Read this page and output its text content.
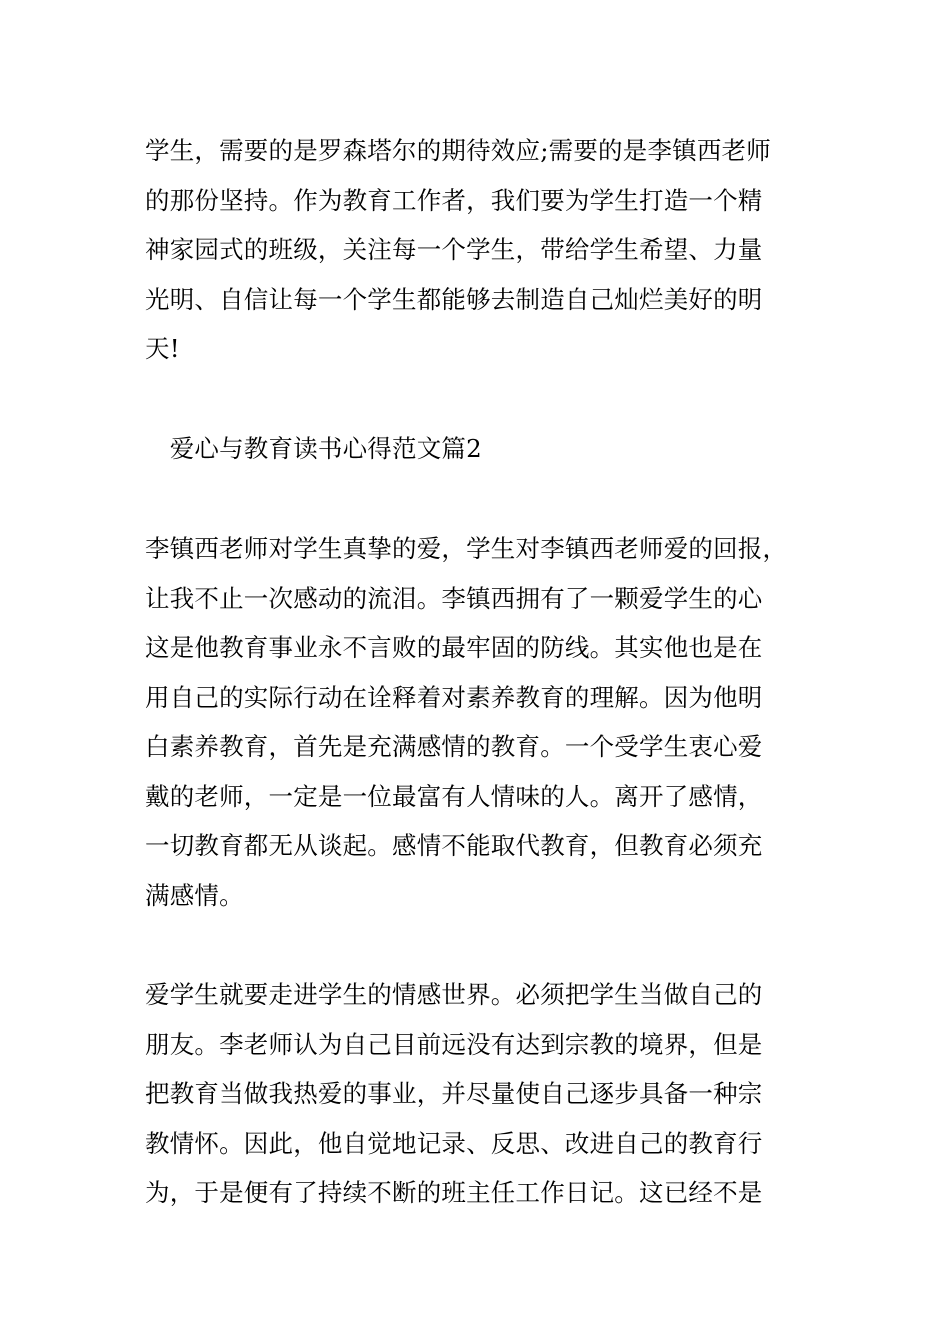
学生，需要的是罗森塔尔的期待效应;需要的是李镇西老师
的那份坚持。作为教育工作者，我们要为学生打造一个精
神家园式的班级，关注每一个学生，带给学生希望、力量
光明、自信让每一个学生都能够去制造自己灿烂美好的明
天!
　爱心与教育读书心得范文篇2
李镇西老师对学生真挚的爱，学生对李镇西老师爱的回报，
让我不止一次感动的流泪。李镇西拥有了一颗爱学生的心
这是他教育事业永不言败的最牢固的防线。其实他也是在
用自己的实际行动在诠释着对素养教育的理解。因为他明
白素养教育，首先是充满感情的教育。一个受学生衷心爱
戴的老师，一定是一位最富有人情味的人。离开了感情，
一切教育都无从谈起。感情不能取代教育，但教育必须充
满感情。
爱学生就要走进学生的情感世界。必须把学生当做自己的
朋友。李老师认为自己目前远没有达到宗教的境界，但是
把教育当做我热爱的事业，并尽量使自己逐步具备一种宗
教情怀。因此，他自觉地记录、反思、改进自己的教育行
为，于是便有了持续不断的班主任工作日记。这已经不是
